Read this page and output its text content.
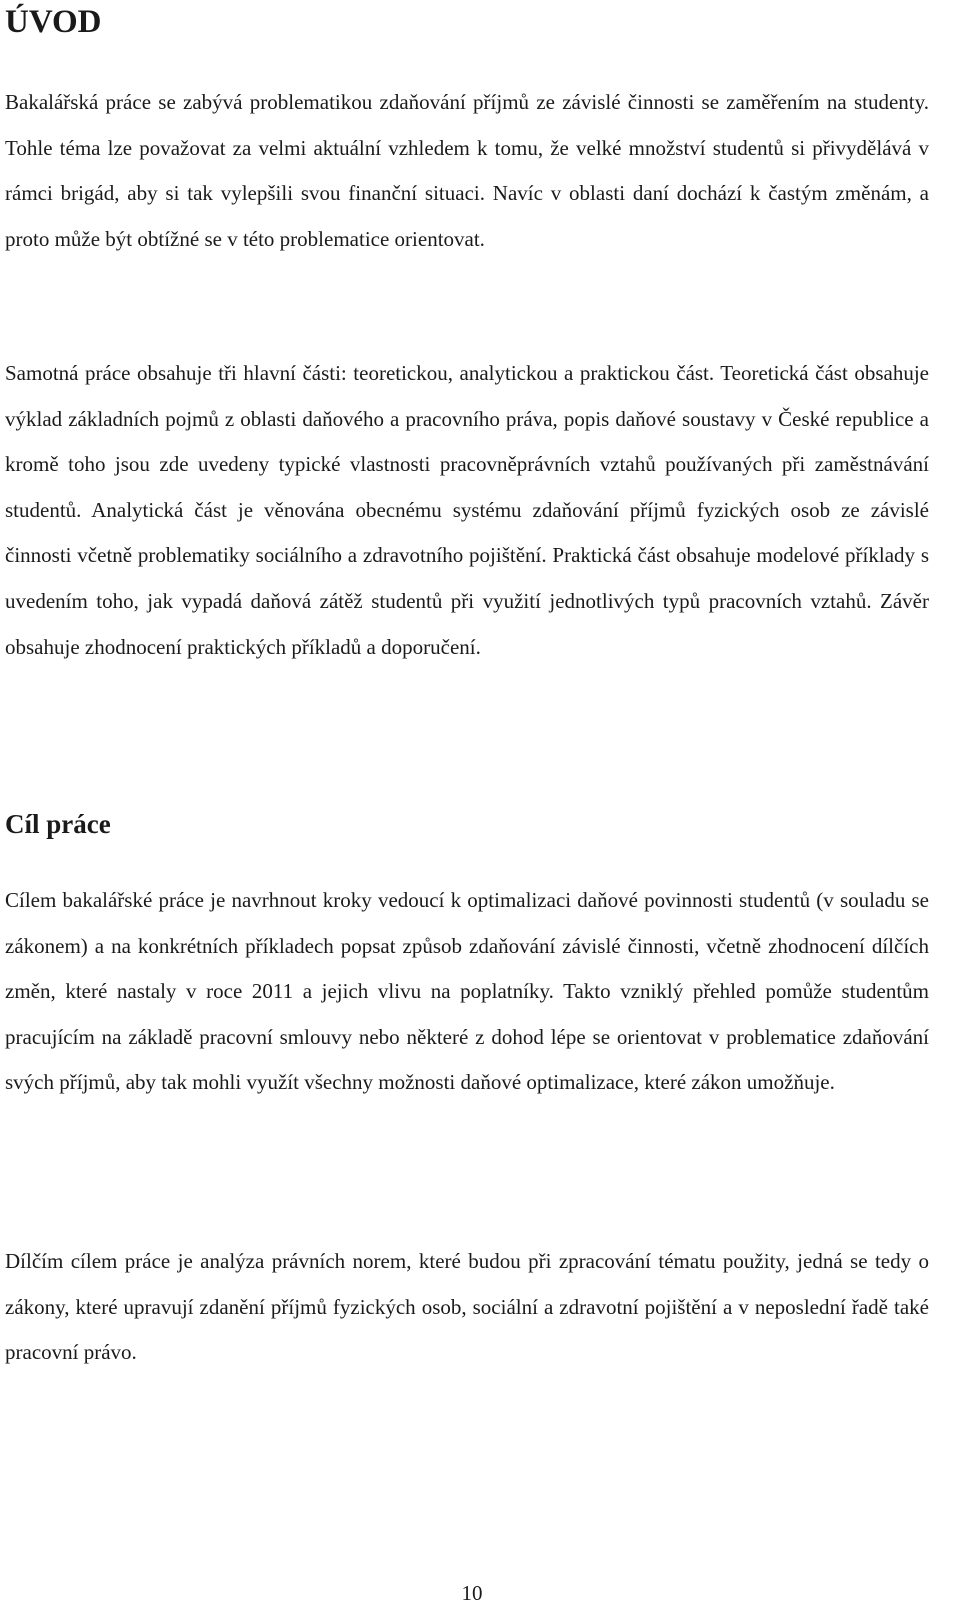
ÚVOD

Bakalářská práce se zabývá problematikou zdaňování příjmů ze závislé činnosti se zaměřením na studenty. Tohle téma lze považovat za velmi aktuální vzhledem k tomu, že velké množství studentů si přivydělává v rámci brigád, aby si tak vylepšili svou finanční situaci. Navíc v oblasti daní dochází k častým změnám, a proto může být obtížné se v této problematice orientovat.

Samotná práce obsahuje tři hlavní části: teoretickou, analytickou a praktickou část. Teoretická část obsahuje výklad základních pojmů z oblasti daňového a pracovního práva, popis daňové soustavy v České republice a kromě toho jsou zde uvedeny typické vlastnosti pracovněprávních vztahů používaných při zaměstnávání studentů. Analytická část je věnována obecnému systému zdaňování příjmů fyzických osob ze závislé činnosti včetně problematiky sociálního a zdravotního pojištění. Praktická část obsahuje modelové příklady s uvedením toho, jak vypadá daňová zátěž studentů při využití jednotlivých typů pracovních vztahů. Závěr obsahuje zhodnocení praktických příkladů a doporučení.

Cíl práce

Cílem bakalářské práce je navrhnout kroky vedoucí k optimalizaci daňové povinnosti studentů (v souladu se zákonem) a na konkrétních příkladech popsat způsob zdaňování závislé činnosti, včetně zhodnocení dílčích změn, které nastaly v roce 2011 a jejich vlivu na poplatníky. Takto vzniklý přehled pomůže studentům pracujícím na základě pracovní smlouvy nebo některé z dohod lépe se orientovat v problematice zdaňování svých příjmů, aby tak mohli využít všechny možnosti daňové optimalizace, které zákon umožňuje.

Dílčím cílem práce je analýza právních norem, které budou při zpracování tématu použity, jedná se tedy o zákony, které upravují zdanění příjmů fyzických osob, sociální a zdravotní pojištění a v neposlední řadě také pracovní právo.

10
